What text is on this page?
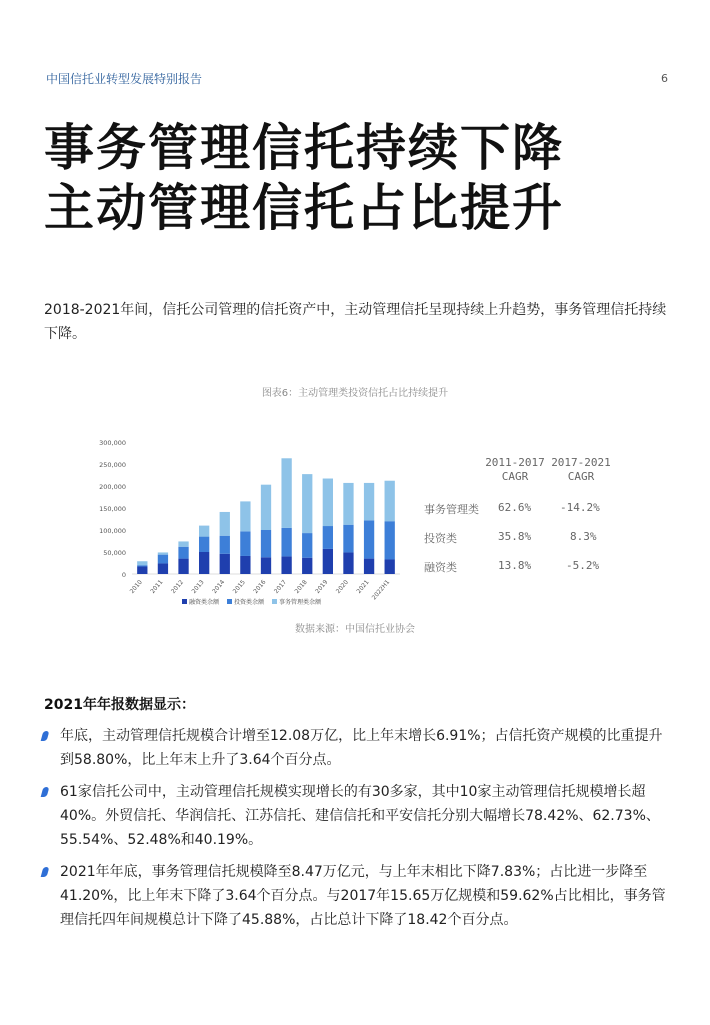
中国信托业转型发展特别报告	6
事务管理信托持续下降
主动管理信托占比提升
2018-2021年间，信托公司管理的信托资产中，主动管理信托呈现持续上升趋势，事务管理信托持续下降。
图表6：主动管理类投资信托占比持续提升
0
50,000
100,000
150,000
200,000
250,000
300,000
2010 2011 2012 2013 2014 2015 2016 2017 2018 2019 2020 2021 2022H1
融资类余额 投资类余额 事务管理类余额
2011-2017
CAGR
2017-2021
CAGR
事务管理类 62.6%	-14.2%
投资类	35.8%	8.3%
融资类	13.8%	-5.2%
数据来源：中国信托业协会
2021年年报数据显示：
年底，主动管理信托规模合计增至12.08万亿，比上年末增长6.91%；占信托资产规模的比重提升到58.80%，比上年末上升了3.64个百分点。
61家信托公司中，主动管理信托规模实现增长的有30多家，其中10家主动管理信托规模增长超40%。外贸信托、华润信托、江苏信托、建信信托和平安信托分别大幅增长78.42%、62.73%、55.54%、52.48%和40.19%。
2021年年底，事务管理信托规模降至8.47万亿元，与上年末相比下降7.83%；占比进一步降至41.20%，比上年末下降了3.64个百分点。与2017年15.65万亿规模和59.62%占比相比，事务管理信托四年间规模总计下降了45.88%，占比总计下降了18.42个百分点。
